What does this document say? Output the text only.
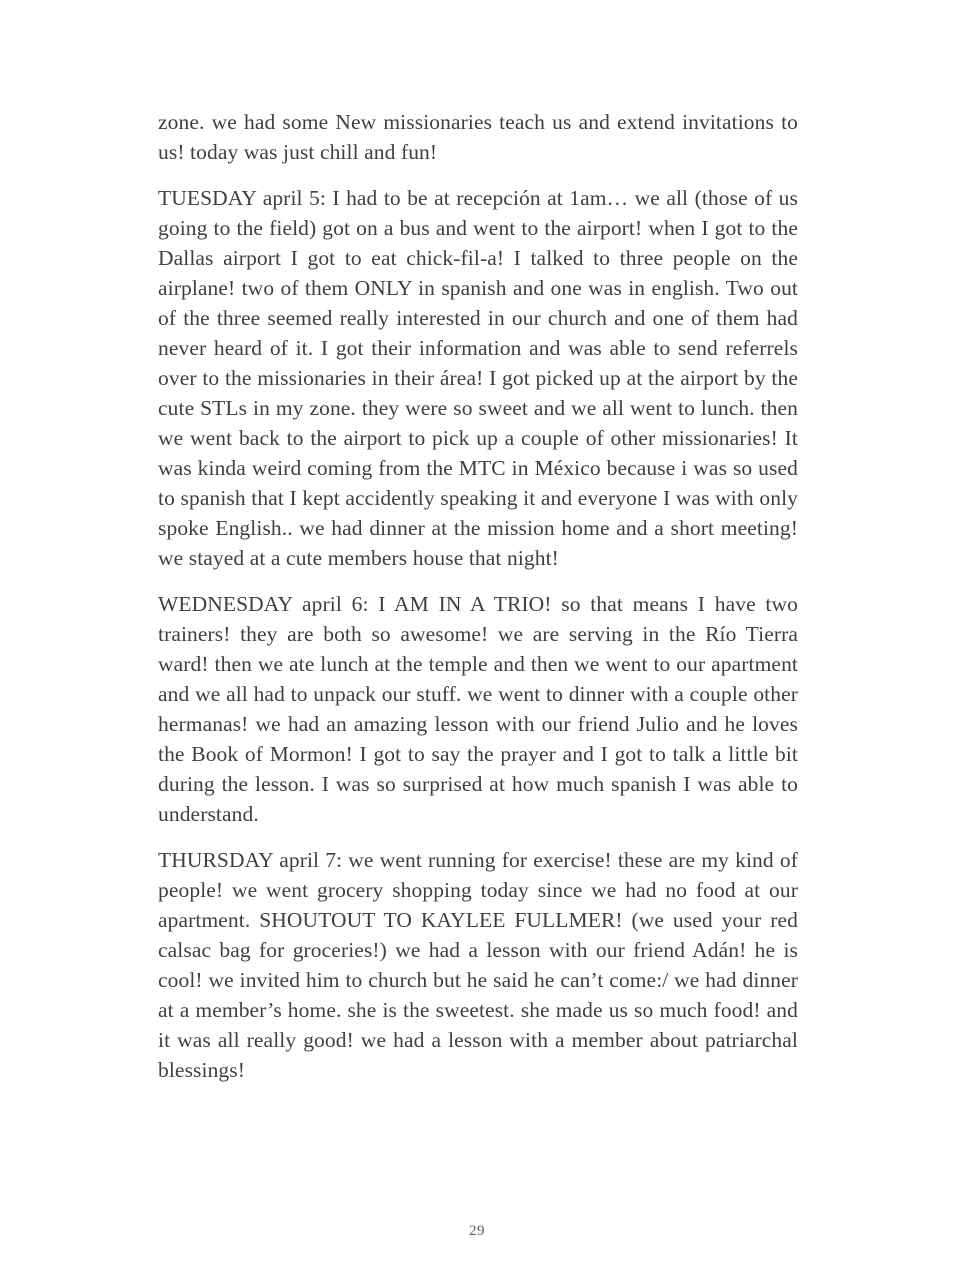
zone. we had some New missionaries teach us and extend invitations to us! today was just chill and fun!

TUESDAY april 5: I had to be at recepción at 1am… we all (those of us going to the field) got on a bus and went to the airport! when I got to the Dallas airport I got to eat chick-fil-a! I talked to three people on the airplane! two of them ONLY in spanish and one was in english. Two out of the three seemed really interested in our church and one of them had never heard of it. I got their information and was able to send referrels over to the missionaries in their área! I got picked up at the airport by the cute STLs in my zone. they were so sweet and we all went to lunch. then we went back to the airport to pick up a couple of other missionaries! It was kinda weird coming from the MTC in México because i was so used to spanish that I kept accidently speaking it and everyone I was with only spoke English.. we had dinner at the mission home and a short meeting! we stayed at a cute members house that night!

WEDNESDAY april 6: I AM IN A TRIO! so that means I have two trainers! they are both so awesome! we are serving in the Río Tierra ward! then we ate lunch at the temple and then we went to our apartment and we all had to unpack our stuff. we went to dinner with a couple other hermanas! we had an amazing lesson with our friend Julio and he loves the Book of Mormon! I got to say the prayer and I got to talk a little bit during the lesson. I was so surprised at how much spanish I was able to understand.

THURSDAY april 7: we went running for exercise! these are my kind of people! we went grocery shopping today since we had no food at our apartment. SHOUTOUT TO KAYLEE FULLMER! (we used your red calsac bag for groceries!) we had a lesson with our friend Adán! he is cool! we invited him to church but he said he can’t come:/ we had dinner at a member’s home. she is the sweetest. she made us so much food! and it was all really good! we had a lesson with a member about patriarchal blessings!

29
